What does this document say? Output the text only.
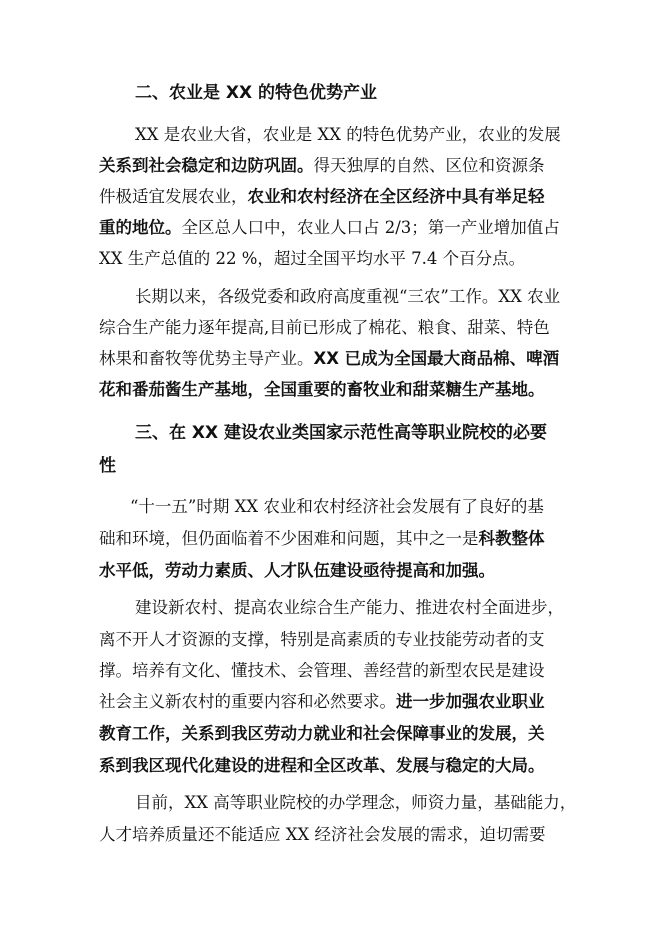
二、农业是 XX 的特色优势产业
XX 是农业大省，农业是 XX 的特色优势产业，农业的发展
关系到社会稳定和边防巩固。得天独厚的自然、区位和资源条
件极适宜发展农业，农业和农村经济在全区经济中具有举足轻
重的地位。全区总人口中，农业人口占 2/3；第一产业增加值占
XX 生产总值的 22 %，超过全国平均水平 7.4 个百分点。
长期以来，各级党委和政府高度重视“三农”工作。XX 农业
综合生产能力逐年提高,目前已形成了棉花、粮食、甜菜、特色
林果和畜牧等优势主导产业。XX 已成为全国最大商品棉、啤酒
花和番茄酱生产基地，全国重要的畜牧业和甜菜糖生产基地。
三、在 XX 建设农业类国家示范性高等职业院校的必要
性
“十一五”时期 XX 农业和农村经济社会发展有了良好的基
础和环境，但仍面临着不少困难和问题，其中之一是科教整体
水平低，劳动力素质、人才队伍建设亟待提高和加强。
建设新农村、提高农业综合生产能力、推进农村全面进步，
离不开人才资源的支撑，特别是高素质的专业技能劳动者的支
撑。培养有文化、懂技术、会管理、善经营的新型农民是建设
社会主义新农村的重要内容和必然要求。进一步加强农业职业
教育工作，关系到我区劳动力就业和社会保障事业的发展，关
系到我区现代化建设的进程和全区改革、发展与稳定的大局。
目前，XX 高等职业院校的办学理念，师资力量，基础能力，
人才培养质量还不能适应 XX 经济社会发展的需求，迫切需要
